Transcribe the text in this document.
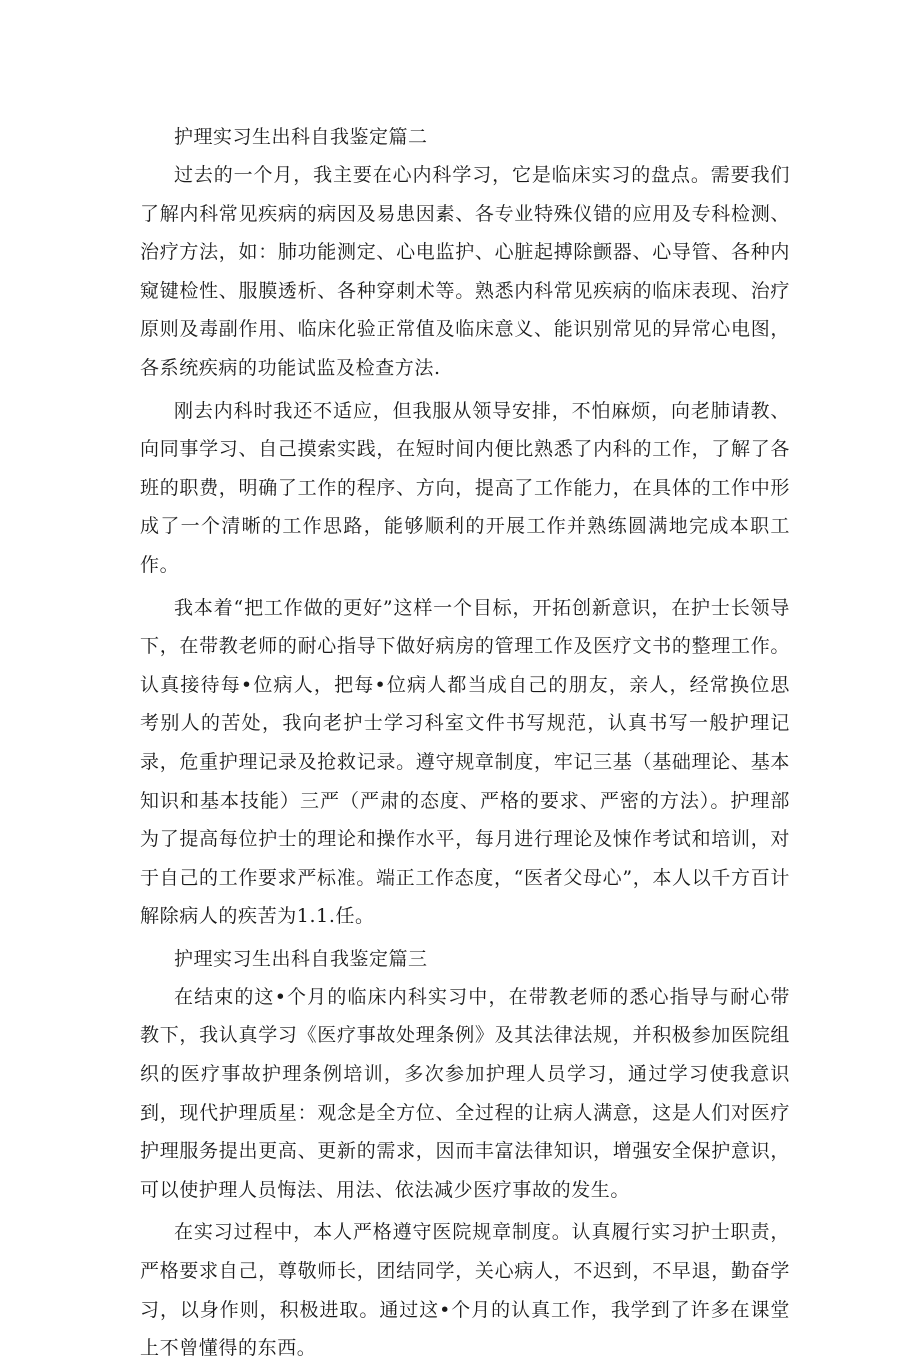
护理实习生出科自我鉴定篇二

过去的一个月，我主要在心内科学习，它是临床实习的盘点。需要我们了解内科常见疾病的病因及易患因素、各专业特殊仪错的应用及专科检测、治疗方法，如：肺功能测定、心电监护、心脏起搏除颤器、心导管、各种内窥键检性、服膜透析、各种穿刺术等。熟悉内科常见疾病的临床表现、治疗原则及毒副作用、临床化验正常值及临床意义、能识别常见的异常心电图，各系统疾病的功能试监及检查方法.

刚去内科时我还不适应，但我服从领导安排，不怕麻烦，向老肺请教、向同事学习、自己摸索实践，在短时间内便比熟悉了内科的工作，了解了各班的职费，明确了工作的程序、方向，提高了工作能力，在具体的工作中形成了一个清晰的工作思路，能够顺利的开展工作并熟练圆满地完成本职工作。

我本着“把工作做的更好”这样一个目标，开拓创新意识，在护士长领导下，在带教老师的耐心指导下做好病房的管理工作及医疗文书的整理工作。认真接待每•位病人，把每•位病人都当成自己的朋友，亲人，经常换位思考别人的苦处，我向老护士学习科室文件书写规范，认真书写一般护理记录，危重护理记录及抢救记录。遵守规章制度，牢记三基（基础理论、基本知识和基本技能）三严（严肃的态度、严格的要求、严密的方法）。护理部为了提高每位护士的理论和操作水平，每月进行理论及悚作考试和培训，对于自己的工作要求严标准。端正工作态度，“医者父母心”，本人以千方百计解除病人的疾苦为1.1.任。

护理实习生出科自我鉴定篇三

在结束的这•个月的临床内科实习中，在带教老师的悉心指导与耐心带教下，我认真学习《医疗事故处理条例》及其法律法规，并积极参加医院组织的医疗事故护理条例培训，多次参加护理人员学习，通过学习使我意识到，现代护理质星：观念是全方位、全过程的让病人满意，这是人们对医疗护理服务提出更高、更新的需求，因而丰富法律知识，增强安全保护意识，可以使护理人员悔法、用法、依法减少医疗事故的发生。

在实习过程中，本人严格遵守医院规章制度。认真履行实习护士职责，严格要求自己，尊敬师长，团结同学，关心病人，不迟到，不早退，勤奋学习，以身作则，积极进取。通过这•个月的认真工作，我学到了许多在课堂上不曾懂得的东西。
